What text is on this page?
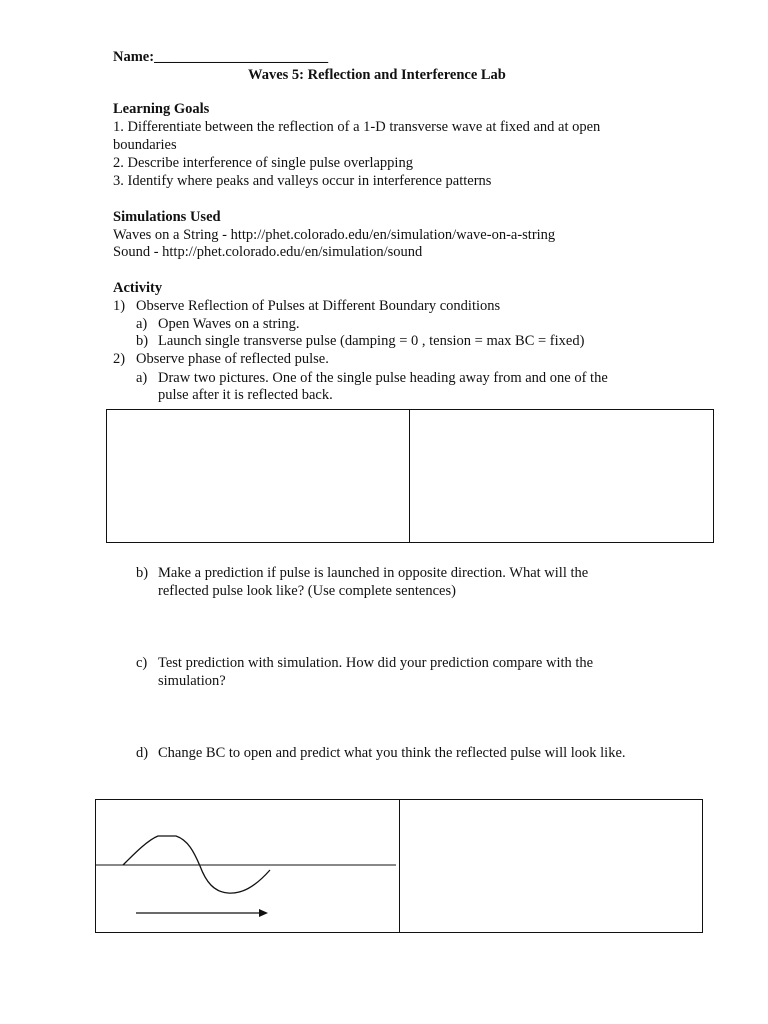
Name:________________________
Waves 5: Reflection and Interference Lab
Learning Goals
1. Differentiate between the reflection of a 1-D transverse wave at fixed and at open
boundaries
2. Describe interference of single pulse overlapping
3. Identify where peaks and valleys occur in interference patterns
Simulations Used
Waves on a String - http://phet.colorado.edu/en/simulation/wave-on-a-string
Sound - http://phet.colorado.edu/en/simulation/sound
Activity
1) Observe Reflection of Pulses at Different Boundary conditions
a) Open Waves on a string.
b) Launch single transverse pulse (damping = 0 , tension = max BC = fixed)
2) Observe phase of reflected pulse.
a) Draw two pictures. One of the single pulse heading away from and one of the
pulse after it is reflected back.
b) Make a prediction if pulse is launched in opposite direction. What will the
reflected pulse look like? (Use complete sentences)
c) Test prediction with simulation. How did your prediction compare with the
simulation?
d) Change BC to open and predict what you think the reflected pulse will look like.
